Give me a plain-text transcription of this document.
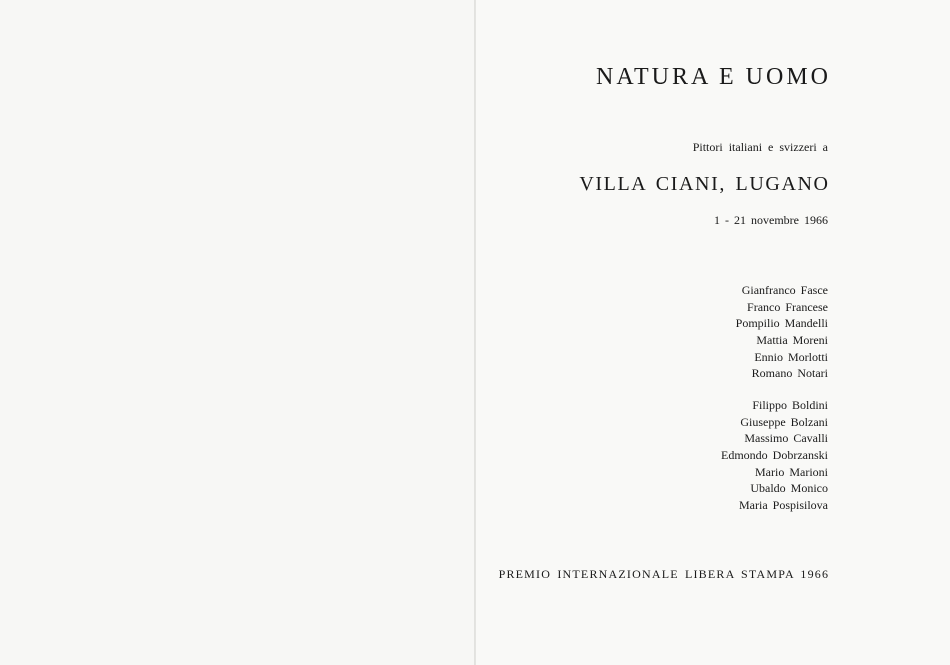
NATURA E UOMO
Pittori italiani e svizzeri a
VILLA CIANI, LUGANO
1 - 21 novembre 1966
Gianfranco Fasce
Franco Francese
Pompilio Mandelli
Mattia Moreni
Ennio Morlotti
Romano Notari
Filippo Boldini
Giuseppe Bolzani
Massimo Cavalli
Edmondo Dobrzanski
Mario Marioni
Ubaldo Monico
Maria Pospisilova
PREMIO INTERNAZIONALE LIBERA STAMPA 1966
